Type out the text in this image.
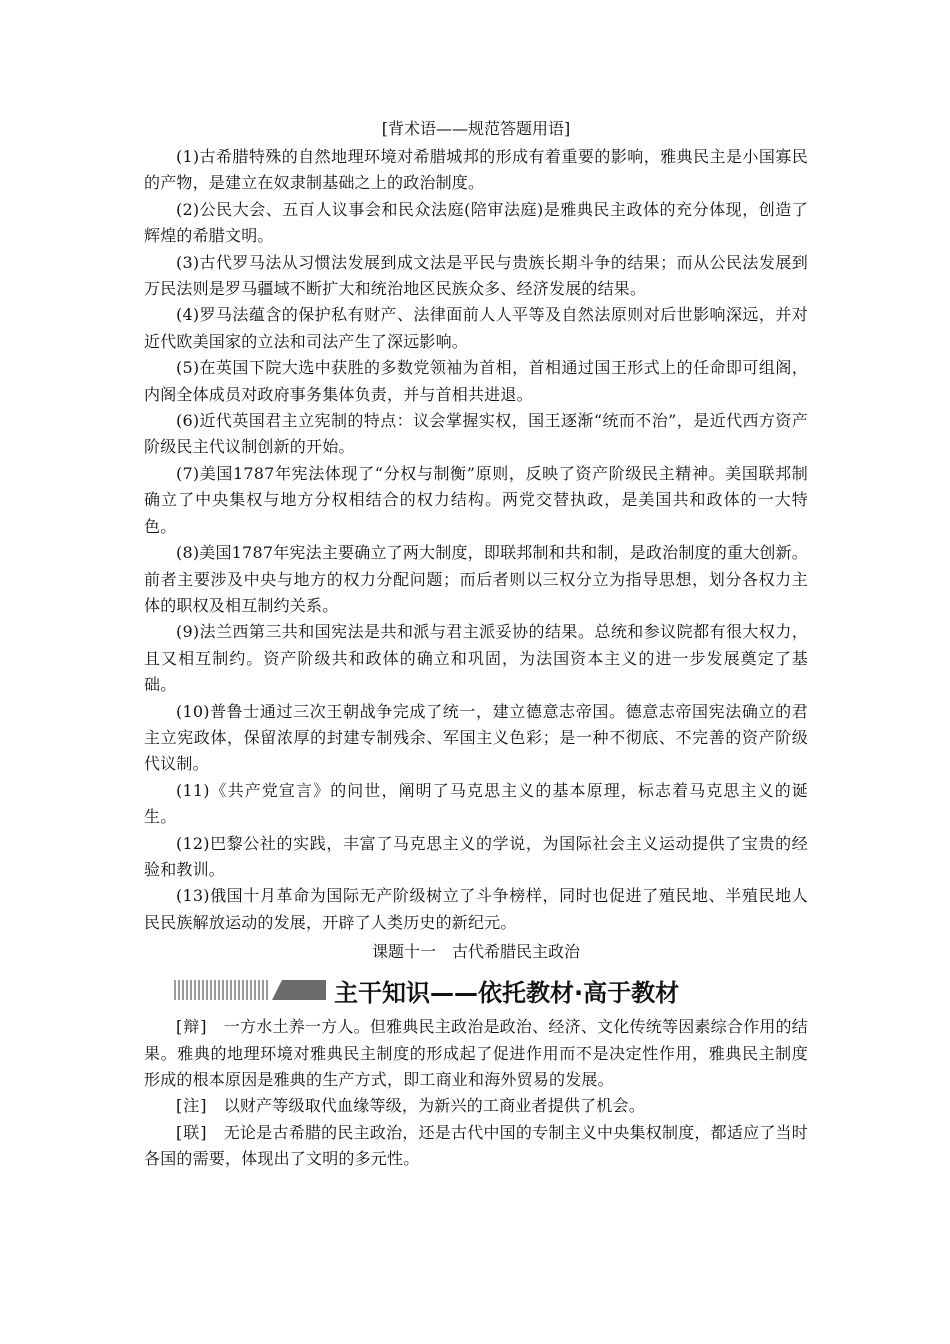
[背术语——规范答题用语]

(1)古希腊特殊的自然地理环境对希腊城邦的形成有着重要的影响，雅典民主是小国寡民的产物，是建立在奴隶制基础之上的政治制度。

(2)公民大会、五百人议事会和民众法庭(陪审法庭)是雅典民主政体的充分体现，创造了辉煌的希腊文明。

(3)古代罗马法从习惯法发展到成文法是平民与贵族长期斗争的结果；而从公民法发展到万民法则是罗马疆域不断扩大和统治地区民族众多、经济发展的结果。

(4)罗马法蕴含的保护私有财产、法律面前人人平等及自然法原则对后世影响深远，并对近代欧美国家的立法和司法产生了深远影响。

(5)在英国下院大选中获胜的多数党领袖为首相，首相通过国王形式上的任命即可组阁，内阁全体成员对政府事务集体负责，并与首相共进退。

(6)近代英国君主立宪制的特点：议会掌握实权，国王逐渐“统而不治”，是近代西方资产阶级民主代议制创新的开始。

(7)美国1787年宪法体现了“分权与制衡”原则，反映了资产阶级民主精神。美国联邦制确立了中央集权与地方分权相结合的权力结构。两党交替执政，是美国共和政体的一大特色。

(8)美国1787年宪法主要确立了两大制度，即联邦制和共和制，是政治制度的重大创新。前者主要涉及中央与地方的权力分配问题；而后者则以三权分立为指导思想，划分各权力主体的职权及相互制约关系。

(9)法兰西第三共和国宪法是共和派与君主派妥协的结果。总统和参议院都有很大权力，且又相互制约。资产阶级共和政体的确立和巩固，为法国资本主义的进一步发展奠定了基础。

(10)普鲁士通过三次王朝战争完成了统一，建立德意志帝国。德意志帝国宪法确立的君主立宪政体，保留浓厚的封建专制残余、军国主义色彩；是一种不彻底、不完善的资产阶级代议制。

(11)《共产党宣言》的问世，阐明了马克思主义的基本原理，标志着马克思主义的诞生。

(12)巴黎公社的实践，丰富了马克思主义的学说，为国际社会主义运动提供了宝贵的经验和教训。

(13)俄国十月革命为国际无产阶级树立了斗争榜样，同时也促进了殖民地、半殖民地人民民族解放运动的发展，开辟了人类历史的新纪元。

课题十一　古代希腊民主政治

主干知识——依托教材·高于教材

[辩]　一方水土养一方人。但雅典民主政治是政治、经济、文化传统等因素综合作用的结果。雅典的地理环境对雅典民主制度的形成起了促进作用而不是决定性作用，雅典民主制度形成的根本原因是雅典的生产方式，即工商业和海外贸易的发展。

[注]　以财产等级取代血缘等级，为新兴的工商业者提供了机会。

[联]　无论是古希腊的民主政治，还是古代中国的专制主义中央集权制度，都适应了当时各国的需要，体现出了文明的多元性。
